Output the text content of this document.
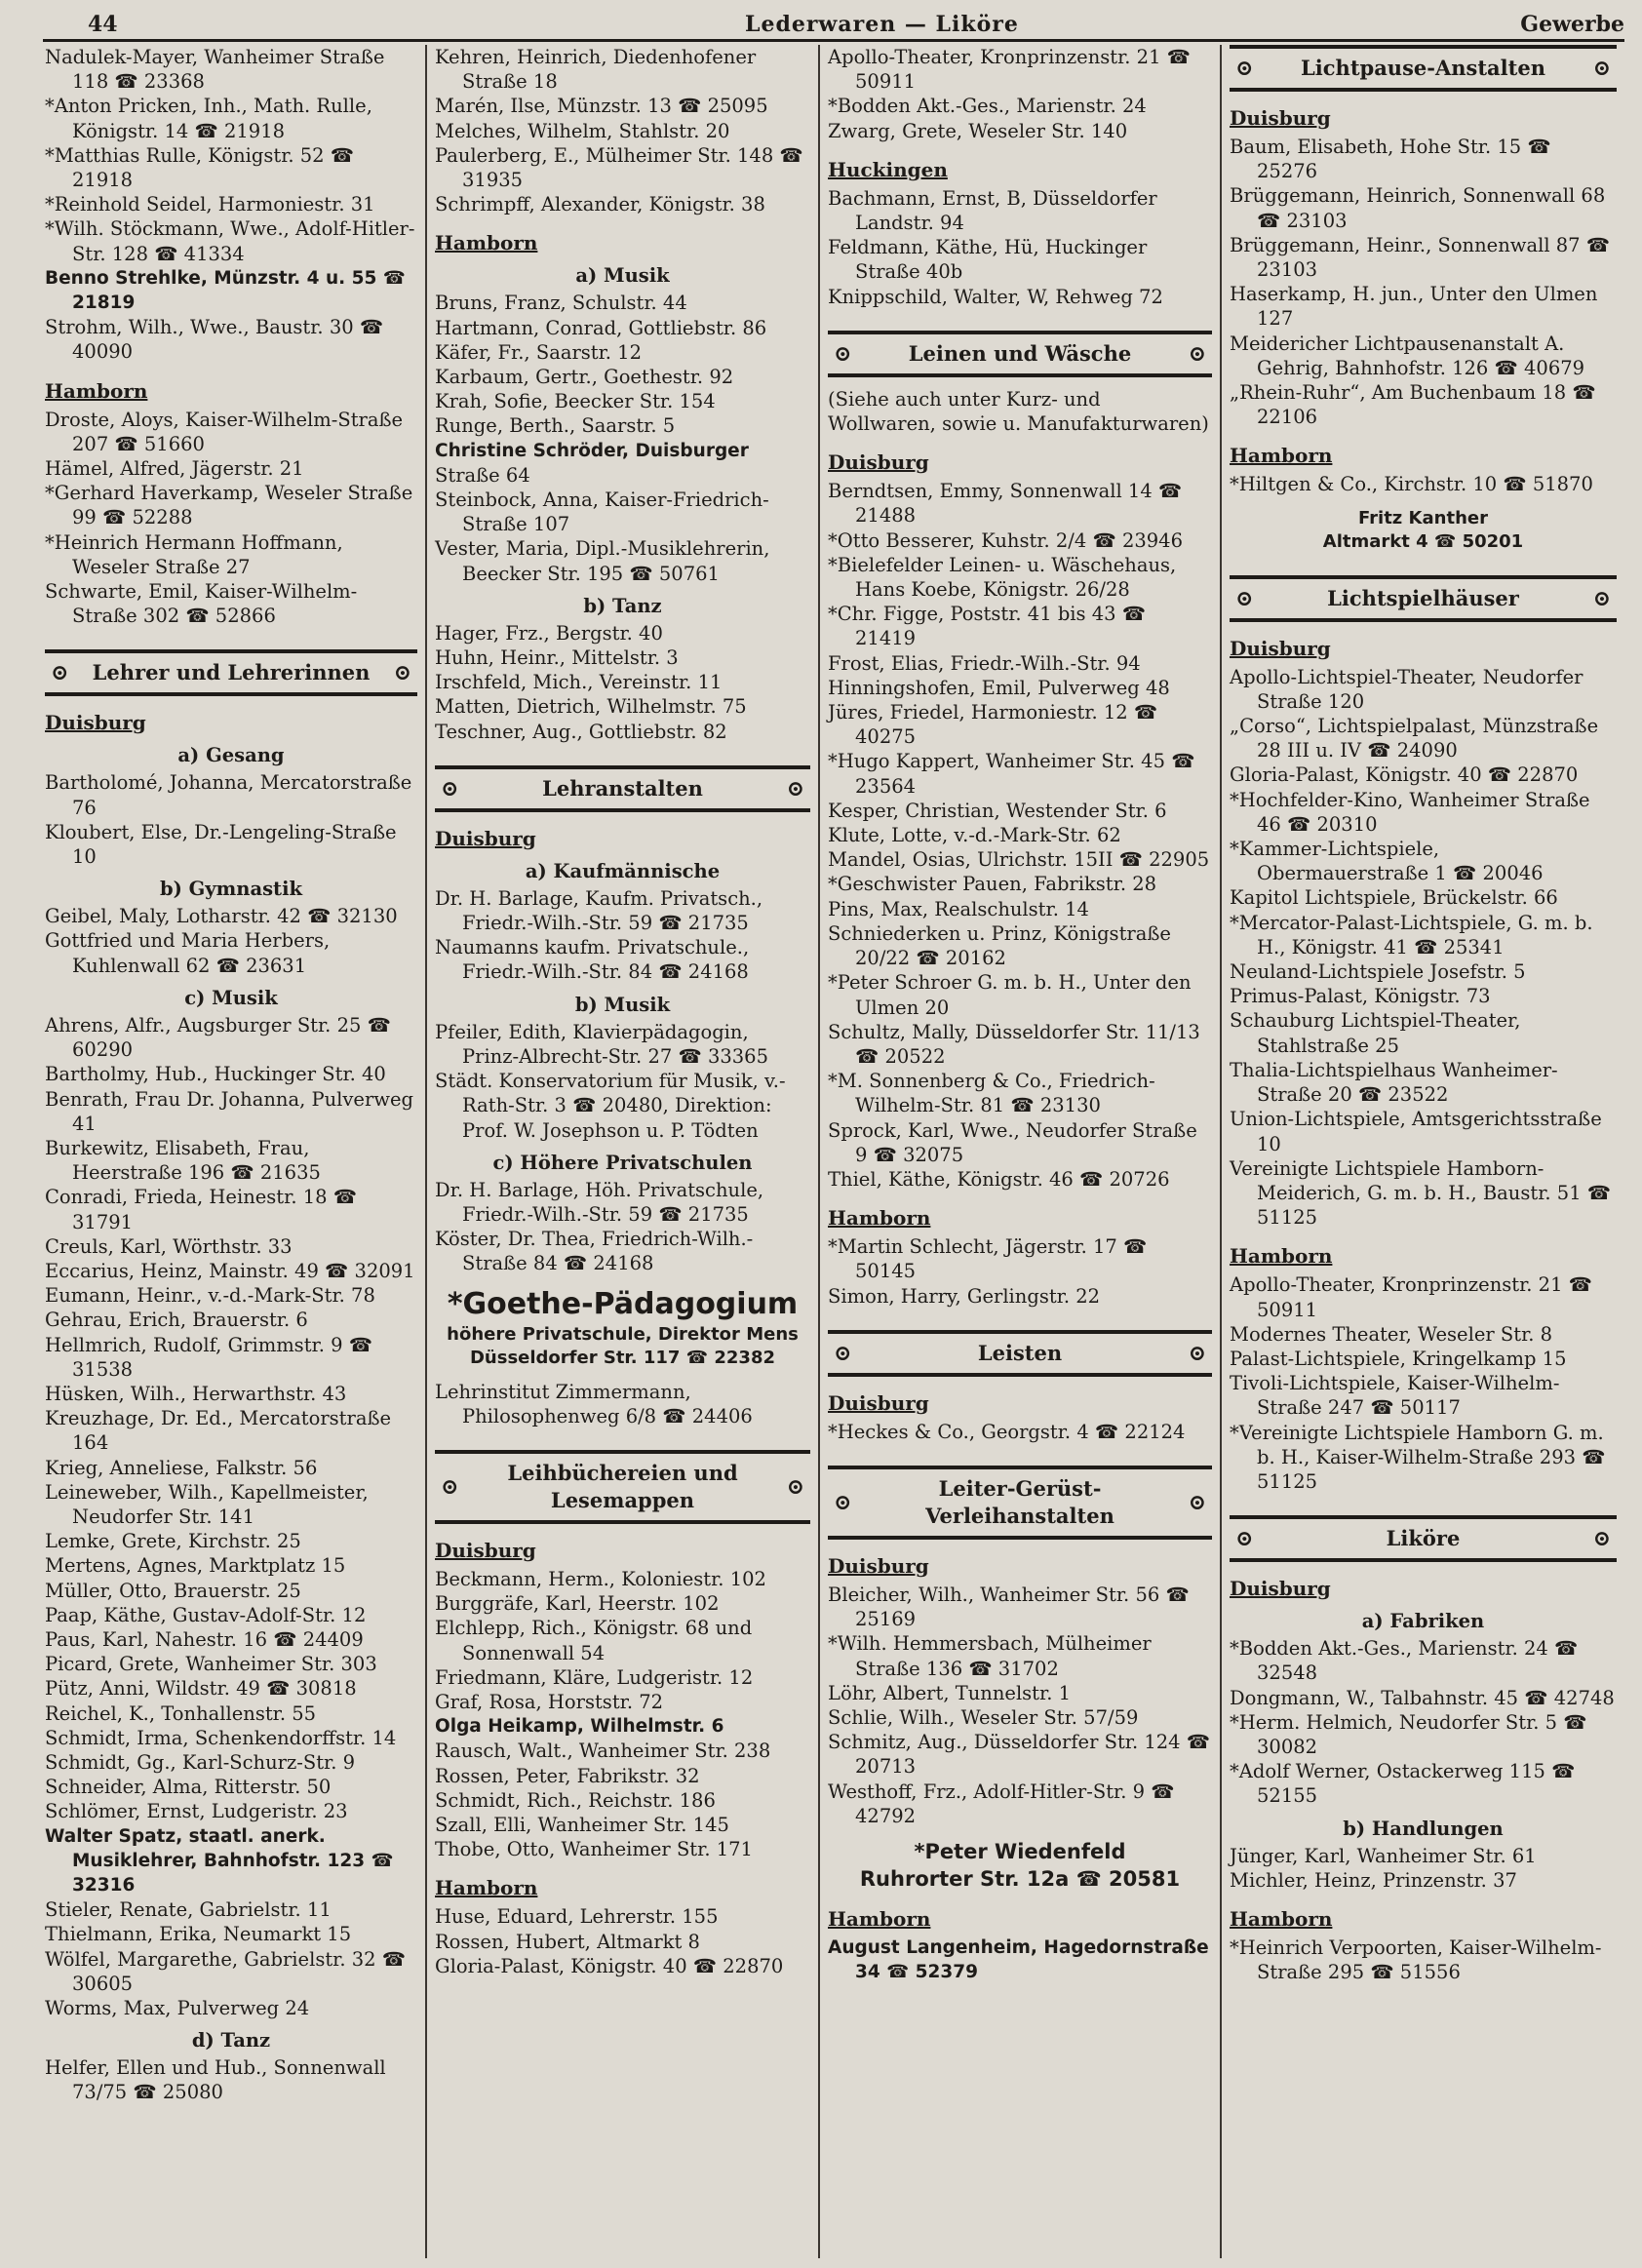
44	Lederwaren — Liköre	Gewerbe
Nadulek-Mayer, Wanheimer Straße 118 ☎ 23368
*Anton Pricken, Inh., Math. Rulle, Königstr. 14 ☎ 21918
*Matthias Rulle, Königstr. 52 ☎ 21918
*Reinhold Seidel, Harmoniestr. 31
*Wilh. Stöckmann, Wwe., Adolf-Hitler-Str. 128 ☎ 41334
Benno Strehlke, Münzstr. 4 u. 55 ☎ 21819
Strohm, Wilh., Wwe., Baustr. 30 ☎ 40090
Hamborn
Droste, Aloys, Kaiser-Wilhelm-Straße 207 ☎ 51660
Hämel, Alfred, Jägerstr. 21
*Gerhard Haverkamp, Weseler Straße 99 ☎ 52288
*Heinrich Hermann Hoffmann, Weseler Straße 27
Schwarte, Emil, Kaiser-Wilhelm-Straße 302 ☎ 52866
⊙ Lehrer und Lehrerinnen ⊙
Duisburg
a) Gesang
Bartholomé, Johanna, Mercatorstraße 76
Kloubert, Else, Dr.-Lengeling-Straße 10
b) Gymnastik
Geibel, Maly, Lotharstr. 42 ☎ 32130
Gottfried und Maria Herbers, Kuhlenwall 62 ☎ 23631
c) Musik
Ahrens, Alfr., Augsburger Str. 25 ☎ 60290
Bartholmy, Hub., Huckinger Str. 40
Benrath, Frau Dr. Johanna, Pulverweg 41
Burkewitz, Elisabeth, Frau, Heerstraße 196 ☎ 21635
Conradi, Frieda, Heinestr. 18 ☎ 31791
Creuls, Karl, Wörthstr. 33
Eccarius, Heinz, Mainstr. 49 ☎ 32091
Eumann, Heinr., v.-d.-Mark-Str. 78
Gehrau, Erich, Brauerstr. 6
Hellmrich, Rudolf, Grimmstr. 9 ☎ 31538
Hüsken, Wilh., Herwarthstr. 43
Kreuzhage, Dr. Ed., Mercatorstraße 164
Krieg, Anneliese, Falkstr. 56
Leineweber, Wilh., Kapellmeister, Neudorfer Str. 141
Lemke, Grete, Kirchstr. 25
Mertens, Agnes, Marktplatz 15
Müller, Otto, Brauerstr. 25
Paap, Käthe, Gustav-Adolf-Str. 12
Paus, Karl, Nahestr. 16 ☎ 24409
Picard, Grete, Wanheimer Str. 303
Pütz, Anni, Wildstr. 49 ☎ 30818
Reichel, K., Tonhallenstr. 55
Schmidt, Irma, Schenkendorffstr. 14
Schmidt, Gg., Karl-Schurz-Str. 9
Schneider, Alma, Ritterstr. 50
Schlömer, Ernst, Ludgeristr. 23
Walter Spatz, staatl. anerk. Musiklehrer, Bahnhofstr. 123 ☎ 32316
Stieler, Renate, Gabrielstr. 11
Thielmann, Erika, Neumarkt 15
Wölfel, Margarethe, Gabrielstr. 32 ☎ 30605
Worms, Max, Pulverweg 24
d) Tanz
Helfer, Ellen und Hub., Sonnenwall 73/75 ☎ 25080
Kehren, Heinrich, Diedenhofener Straße 18
Marén, Ilse, Münzstr. 13 ☎ 25095
Melches, Wilhelm, Stahlstr. 20
Paulerberg, E., Mülheimer Str. 148 ☎ 31935
Schrimpff, Alexander, Königstr. 38
Hamborn
a) Musik
Bruns, Franz, Schulstr. 44
Hartmann, Conrad, Gottliebstr. 86
Käfer, Fr., Saarstr. 12
Karbaum, Gertr., Goethestr. 92
Krah, Sofie, Beecker Str. 154
Runge, Berth., Saarstr. 5
Christine Schröder, Duisburger
Straße 64
Steinbock, Anna, Kaiser-Friedrich-Straße 107
Vester, Maria, Dipl.-Musiklehrerin, Beecker Str. 195 ☎ 50761
b) Tanz
Hager, Frz., Bergstr. 40
Huhn, Heinr., Mittelstr. 3
Irschfeld, Mich., Vereinstr. 11
Matten, Dietrich, Wilhelmstr. 75
Teschner, Aug., Gottliebstr. 82
⊙	Lehranstalten	⊙
Duisburg
a) Kaufmännische
Dr. H. Barlage, Kaufm. Privatsch., Friedr.-Wilh.-Str. 59 ☎ 21735
Naumanns kaufm. Privatschule., Friedr.-Wilh.-Str. 84 ☎ 24168
b) Musik
Pfeiler, Edith, Klavierpädagogin, Prinz-Albrecht-Str. 27 ☎ 33365
Städt. Konservatorium für Musik, v.-Rath-Str. 3 ☎ 20480, Direktion: Prof. W. Josephson u. P. Tödten
c) Höhere Privatschulen
Dr. H. Barlage, Höh. Privatschule, Friedr.-Wilh.-Str. 59 ☎ 21735
Köster, Dr. Thea, Friedrich-Wilh.-Straße 84 ☎ 24168
*Goethe-Pädagogium
höhere Privatschule, Direktor Mens
Düsseldorfer Str. 117 ☎ 22382
Lehrinstitut Zimmermann, Philosophenweg 6/8 ☎ 24406
⊙
Leihbüchereien und Lesemappen
⊙
Duisburg
Beckmann, Herm., Koloniestr. 102
Burggräfe, Karl, Heerstr. 102
Elchlepp, Rich., Königstr. 68 und Sonnenwall 54
Friedmann, Kläre, Ludgeristr. 12
Graf, Rosa, Horststr. 72
Olga Heikamp, Wilhelmstr. 6
Rausch, Walt., Wanheimer Str. 238
Rossen, Peter, Fabrikstr. 32
Schmidt, Rich., Reichstr. 186
Szall, Elli, Wanheimer Str. 145
Thobe, Otto, Wanheimer Str. 171
Hamborn
Huse, Eduard, Lehrerstr. 155
Rossen, Hubert, Altmarkt 8
Gloria-Palast, Königstr. 40 ☎ 22870
Apollo-Theater, Kronprinzenstr. 21 ☎ 50911
*Bodden Akt.-Ges., Marienstr. 24
Zwarg, Grete, Weseler Str. 140
Huckingen
Bachmann, Ernst, B, Düsseldorfer Landstr. 94
Feldmann, Käthe, Hü, Huckinger Straße 40b
Knippschild, Walter, W, Rehweg 72
⊙	Leinen und Wäsche	⊙
(Siehe auch unter Kurz- und Wollwaren, sowie u. Manufakturwaren)
Duisburg
Berndtsen, Emmy, Sonnenwall 14 ☎ 21488
*Otto Besserer, Kuhstr. 2/4 ☎ 23946
*Bielefelder Leinen- u. Wäschehaus, Hans Koebe, Königstr. 26/28
*Chr. Figge, Poststr. 41 bis 43 ☎ 21419
Frost, Elias, Friedr.-Wilh.-Str. 94
Hinningshofen, Emil, Pulverweg 48
Jüres, Friedel, Harmoniestr. 12 ☎ 40275
*Hugo Kappert, Wanheimer Str. 45 ☎ 23564
Kesper, Christian, Westender Str. 6
Klute, Lotte, v.-d.-Mark-Str. 62
Mandel, Osias, Ulrichstr. 15II ☎ 22905
*Geschwister Pauen, Fabrikstr. 28
Pins, Max, Realschulstr. 14
Schniederken u. Prinz, Königstraße 20/22 ☎ 20162
*Peter Schroer G. m. b. H., Unter den Ulmen 20
Schultz, Mally, Düsseldorfer Str. 11/13 ☎ 20522
*M. Sonnenberg & Co., Friedrich-Wilhelm-Str. 81 ☎ 23130
Sprock, Karl, Wwe., Neudorfer Straße 9 ☎ 32075
Thiel, Käthe, Königstr. 46 ☎ 20726
Hamborn
*Martin Schlecht, Jägerstr. 17 ☎ 50145
Simon, Harry, Gerlingstr. 22
⊙	Leisten	⊙
Duisburg
*Heckes & Co., Georgstr. 4 ☎ 22124
⊙
Leiter-Gerüst-Verleihanstalten
⊙
Duisburg
Bleicher, Wilh., Wanheimer Str. 56 ☎ 25169
*Wilh. Hemmersbach, Mülheimer Straße 136 ☎ 31702
Löhr, Albert, Tunnelstr. 1
Schlie, Wilh., Weseler Str. 57/59
Schmitz, Aug., Düsseldorfer Str. 124 ☎ 20713
Westhoff, Frz., Adolf-Hitler-Str. 9 ☎ 42792
*Peter Wiedenfeld
Ruhrorter Str. 12a ☎ 20581
Hamborn
August Langenheim, Hagedornstraße 34 ☎ 52379
⊙ Lichtpause-Anstalten ⊙
Duisburg
Baum, Elisabeth, Hohe Str. 15 ☎ 25276
Brüggemann, Heinrich, Sonnenwall 68 ☎ 23103
Brüggemann, Heinr., Sonnenwall 87 ☎ 23103
Haserkamp, H. jun., Unter den Ulmen 127
Meidericher Lichtpausenanstalt A. Gehrig, Bahnhofstr. 126 ☎ 40679
„Rhein-Ruhr“, Am Buchenbaum 18 ☎ 22106
Hamborn
*Hiltgen & Co., Kirchstr. 10 ☎ 51870
Fritz Kanther
Altmarkt 4 ☎ 50201
⊙	Lichtspielhäuser	⊙
Duisburg
Apollo-Lichtspiel-Theater, Neudorfer Straße 120
„Corso“, Lichtspielpalast, Münzstraße 28 III u. IV ☎ 24090
Gloria-Palast, Königstr. 40 ☎ 22870
*Hochfelder-Kino, Wanheimer Straße 46 ☎ 20310
*Kammer-Lichtspiele, Obermauerstraße 1 ☎ 20046
Kapitol Lichtspiele, Brückelstr. 66
*Mercator-Palast-Lichtspiele, G. m. b. H., Königstr. 41 ☎ 25341
Neuland-Lichtspiele Josefstr. 5
Primus-Palast, Königstr. 73
Schauburg Lichtspiel-Theater, Stahlstraße 25
Thalia-Lichtspielhaus Wanheimer-Straße 20 ☎ 23522
Union-Lichtspiele, Amtsgerichtsstraße 10
Vereinigte Lichtspiele Hamborn-Meiderich, G. m. b. H., Baustr. 51 ☎ 51125
Hamborn
Apollo-Theater, Kronprinzenstr. 21 ☎ 50911
Modernes Theater, Weseler Str. 8
Palast-Lichtspiele, Kringelkamp 15
Tivoli-Lichtspiele, Kaiser-Wilhelm-Straße 247 ☎ 50117
*Vereinigte Lichtspiele Hamborn G. m. b. H., Kaiser-Wilhelm-Straße 293 ☎ 51125
⊙	Liköre	⊙
Duisburg
a) Fabriken
*Bodden Akt.-Ges., Marienstr. 24 ☎ 32548
Dongmann, W., Talbahnstr. 45 ☎ 42748
*Herm. Helmich, Neudorfer Str. 5 ☎ 30082
*Adolf Werner, Ostackerweg 115 ☎ 52155
b) Handlungen
Jünger, Karl, Wanheimer Str. 61
Michler, Heinz, Prinzenstr. 37
Hamborn
*Heinrich Verpoorten, Kaiser-Wilhelm-Straße 295 ☎ 51556
